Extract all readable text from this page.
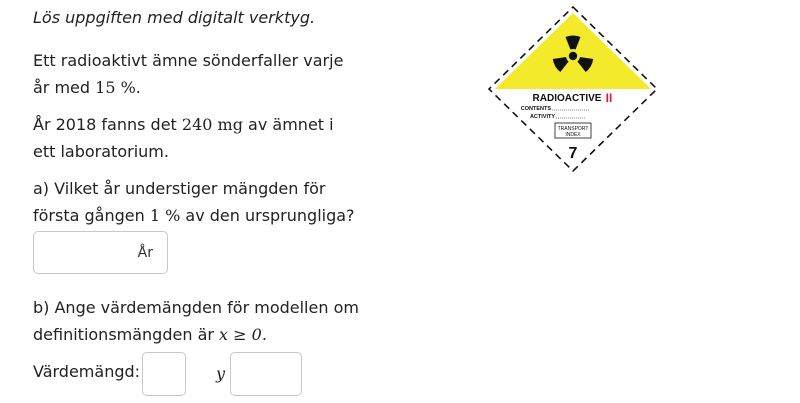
Lös uppgiften med digitalt verktyg.

Ett radioaktivt ämne sönderfaller varje år med 15 %.

År 2018 fanns det 240 mg av ämnet i ett laboratorium.

a) Vilket år understiger mängden för första gången 1 % av den ursprungliga?

År

b) Ange värdemängden för modellen om definitionsmängden är x ≥ 0.

Värdemängd:	y
RADIOACTIVE II
CONTENTS
ACTIVITY
TRANSPORT
INDEX
7
